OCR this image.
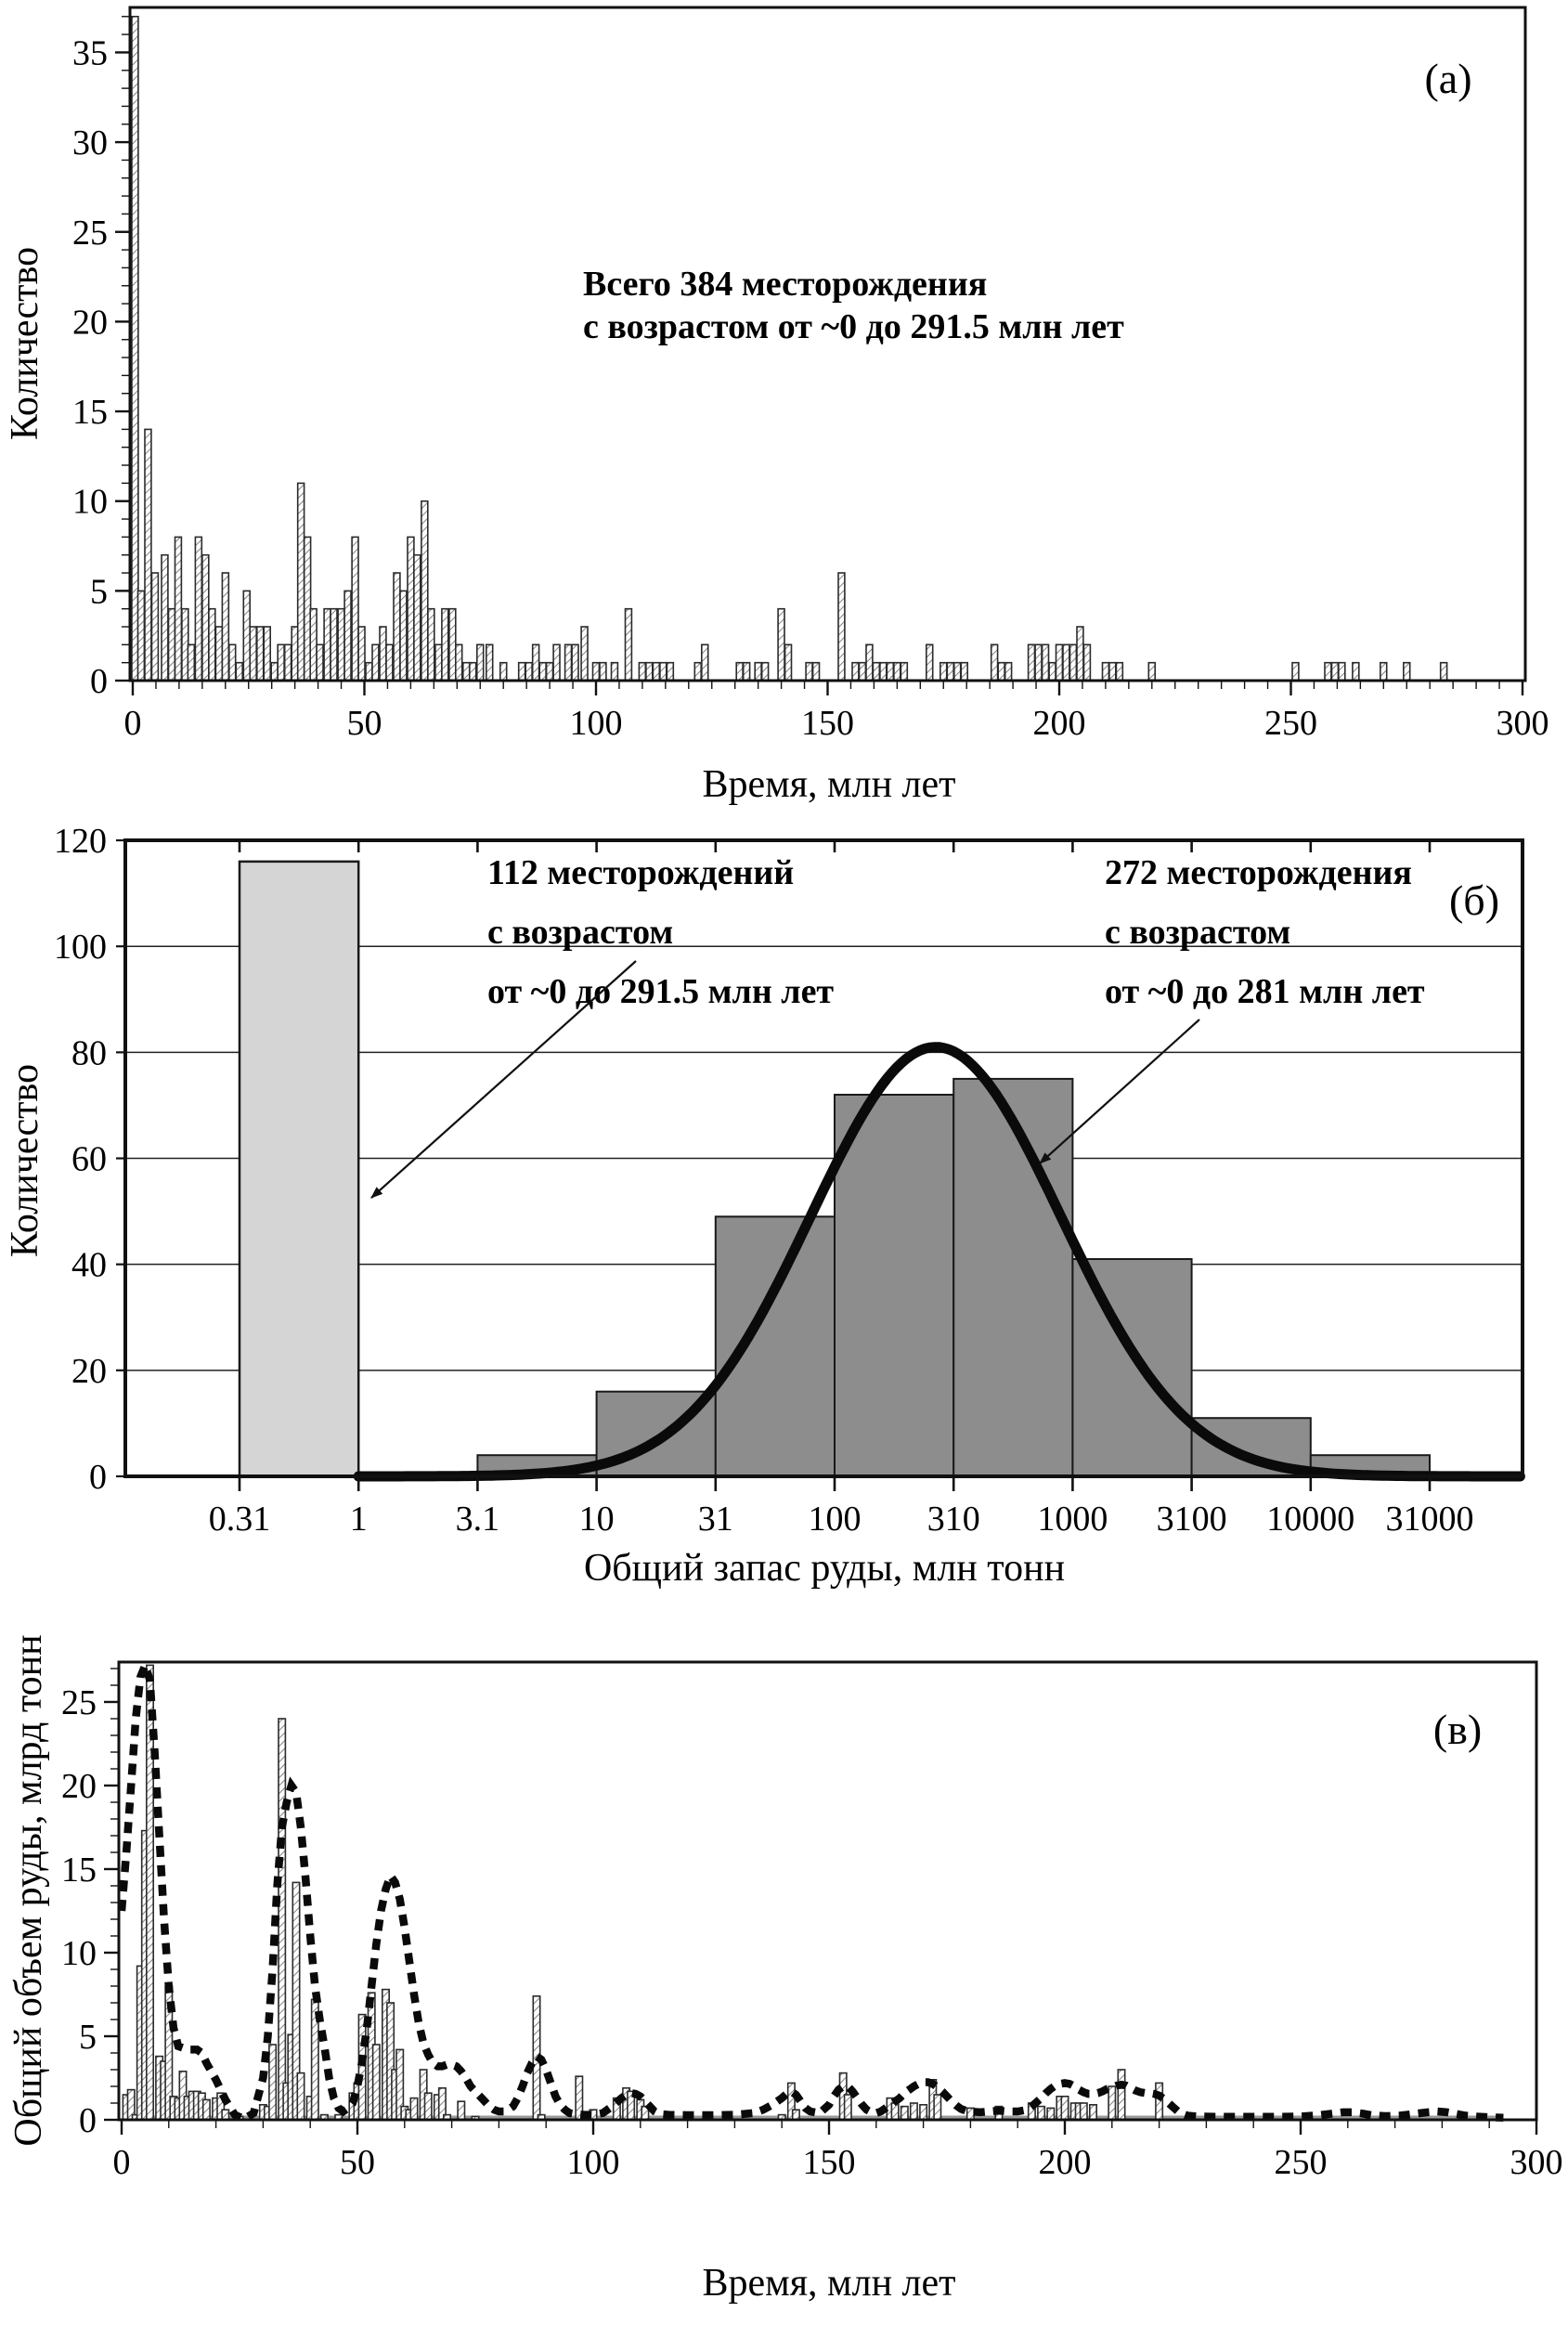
0
5
10
15
20
25
30
35
0	50	100	150	200	250	300
(а)
Количество
Время, млн лет
Всего 384 месторождения
с возрастом от ~0 до 291.5 млн лет
0.31 1 3.1 10 31 100 310 1000 3100 10000 31000
0
20
40
60
80
100
120
(б)
Количество
Общий запас руды, млн тонн
112 месторождений
с возрастом
от ~0 до 291.5 млн лет
272 месторождения
с возрастом
от ~0 до 281 млн лет
0
5
10
15
20
25
0	50	100	150	200	250	300
(в)
Общий объем руды, млрд тонн
Время, млн лет
